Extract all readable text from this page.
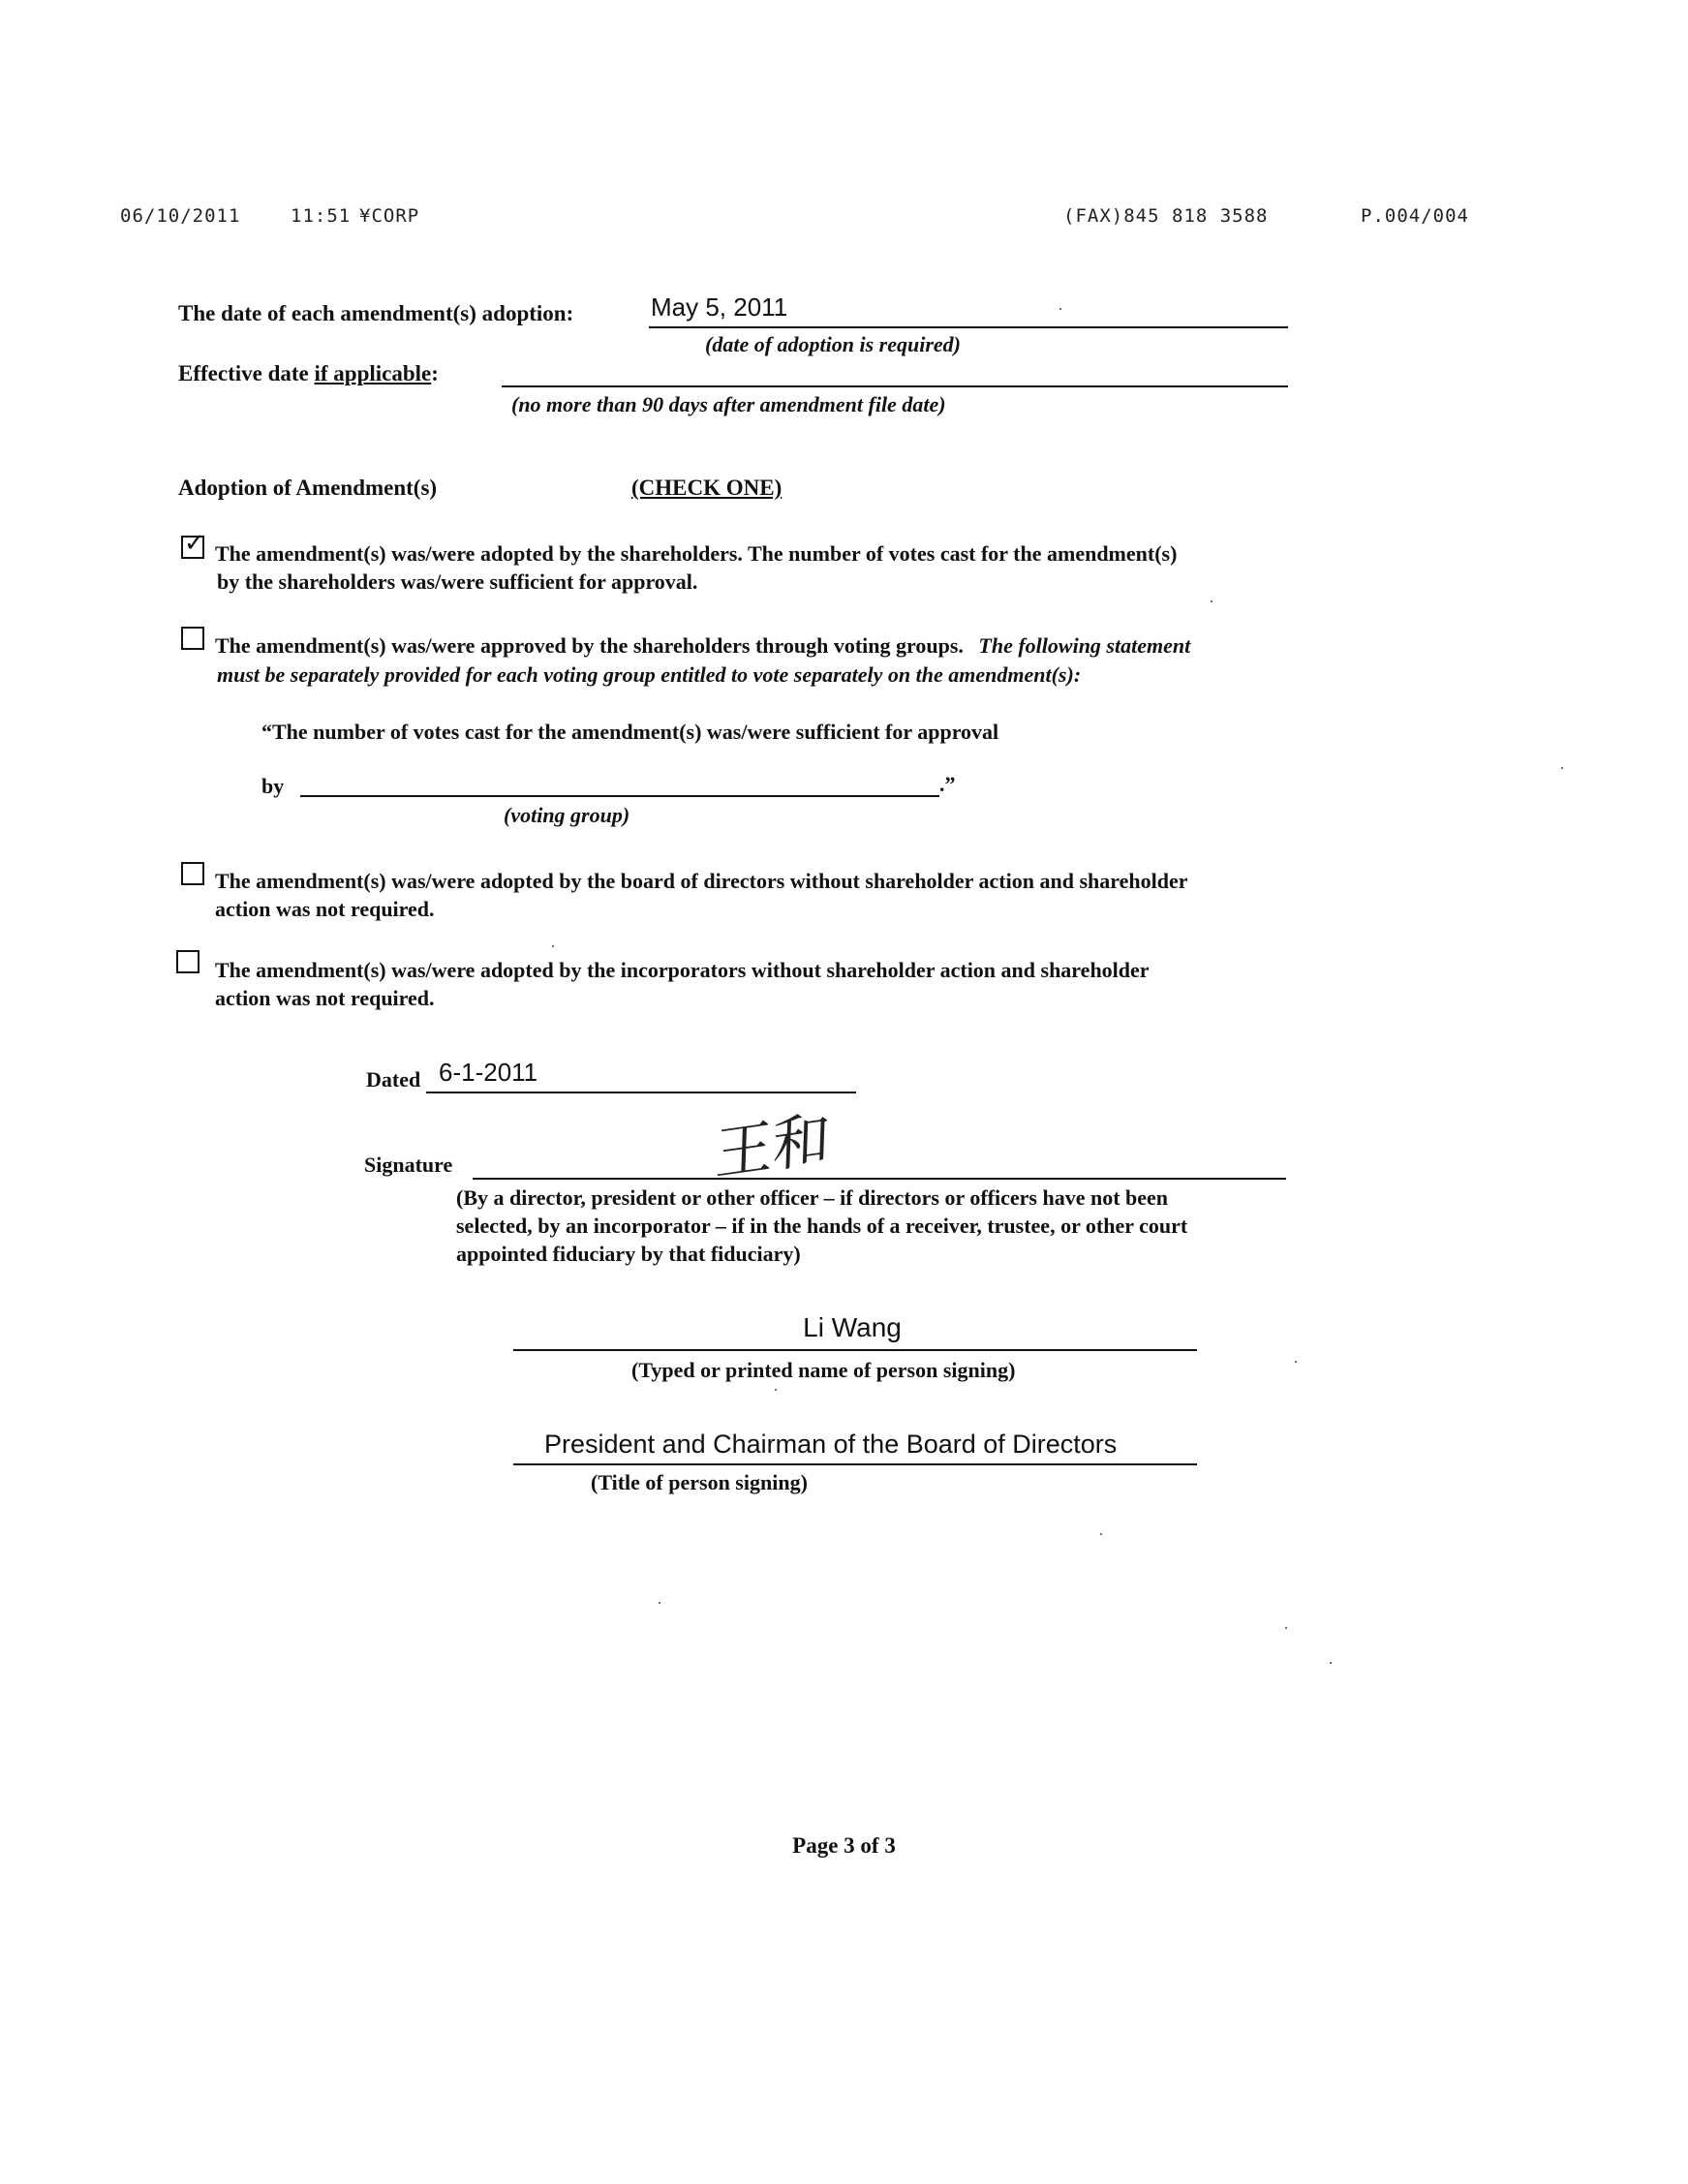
06/10/2011	11:51 ¥CORP	(FAX)845 818 3588	P.004/004
The date of each amendment(s) adoption:	May 5, 2011
(date of adoption is required)
Effective date if applicable:
(no more than 90 days after amendment file date)
Adoption of Amendment(s)	(CHECK ONE)
✓ The amendment(s) was/were adopted by the shareholders. The number of votes cast for the amendment(s)
by the shareholders was/were sufficient for approval.
The amendment(s) was/were approved by the shareholders through voting groups. The following statement
must be separately provided for each voting group entitled to vote separately on the amendment(s):
“The number of votes cast for the amendment(s) was/were sufficient for approval
by	.”
(voting group)
The amendment(s) was/were adopted by the board of directors without shareholder action and shareholder
action was not required.
The amendment(s) was/were adopted by the incorporators without shareholder action and shareholder
action was not required.
Dated 6-1-2011
Signature	王和
(By a director, president or other officer – if directors or officers have not been
selected, by an incorporator – if in the hands of a receiver, trustee, or other court
appointed fiduciary by that fiduciary)
Li Wang
(Typed or printed name of person signing)
President and Chairman of the Board of Directors
(Title of person signing)
Page 3 of 3
